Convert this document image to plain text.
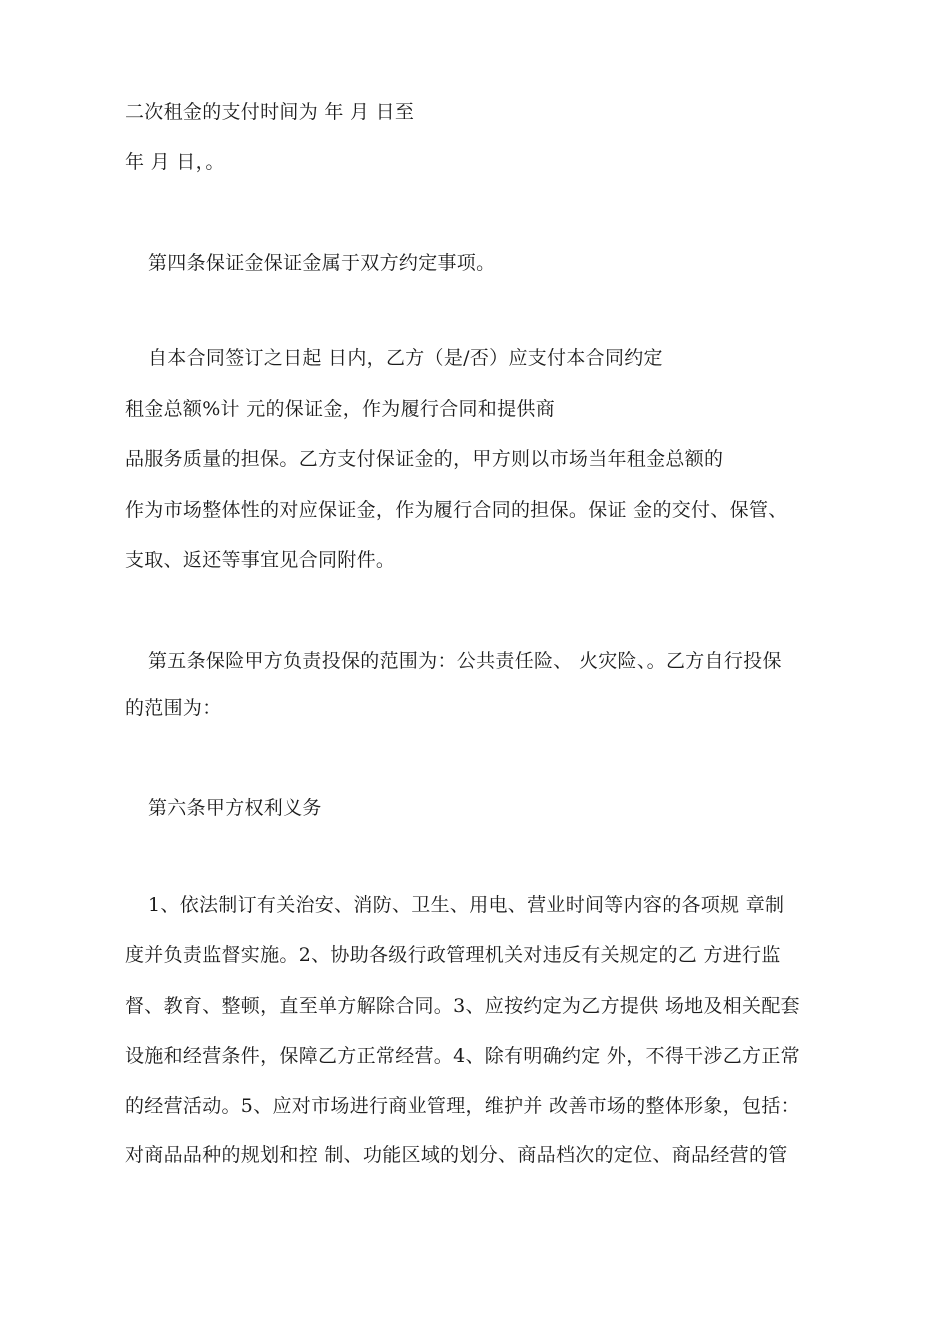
二次租金的支付时间为 年 月 日至
年 月 日，。
第四条保证金保证金属于双方约定事项。
自本合同签订之日起 日内，乙方（是/否）应支付本合同约定
租金总额%计 元的保证金，作为履行合同和提供商
品服务质量的担保。乙方支付保证金的，甲方则以市场当年租金总额的
作为市场整体性的对应保证金，作为履行合同的担保。保证 金的交付、保管、
支取、返还等事宜见合同附件。
第五条保险甲方负责投保的范围为：公共责任险、 火灾险、。乙方自行投保
的范围为：
第六条甲方权利义务
1、依法制订有关治安、消防、卫生、用电、营业时间等内容的各项规 章制
度并负责监督实施。2、协助各级行政管理机关对违反有关规定的乙 方进行监
督、教育、整顿，直至单方解除合同。3、应按约定为乙方提供 场地及相关配套
设施和经营条件，保障乙方正常经营。4、除有明确约定 外，不得干涉乙方正常
的经营活动。5、应对市场进行商业管理，维护并 改善市场的整体形象，包括：
对商品品种的规划和控 制、功能区域的划分、商品档次的定位、商品经营的管
